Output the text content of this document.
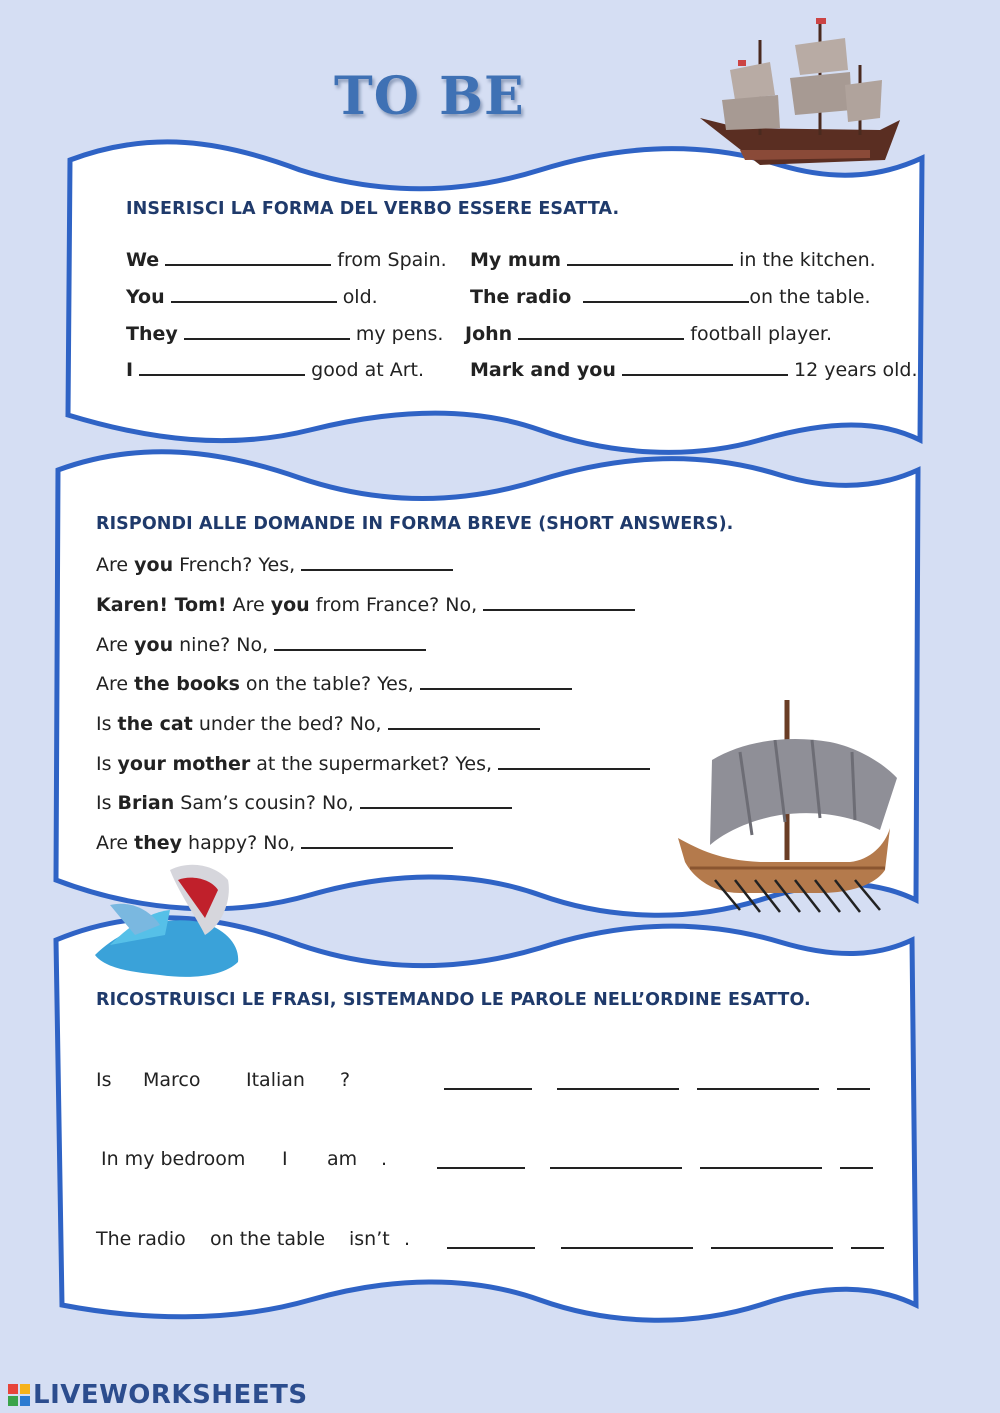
TO BE
INSERISCI LA FORMA DEL VERBO ESSERE ESATTA.
We	from Spain.
You	old.
They	my pens.
I	good at Art.
My mum	in the kitchen.
The radio	on the table.
John	football player.
Mark and you	12 years old.
RISPONDI ALLE DOMANDE IN FORMA BREVE (SHORT ANSWERS).
Are you French? Yes,
Karen! Tom! Are you from France? No,
Are you nine? No,
Are the books on the table? Yes,
Is the cat under the bed? No,
Is your mother at the supermarket? Yes,
Is Brian Sam’s cousin? No,
Are they happy? No,
RICOSTRUISCI LE FRASI, SISTEMANDO LE PAROLE NELL’ORDINE ESATTO.
Is Marco Italian ?
In my bedroom I am .
The radio on the table isn’t .
LIVEWORKSHEETS
